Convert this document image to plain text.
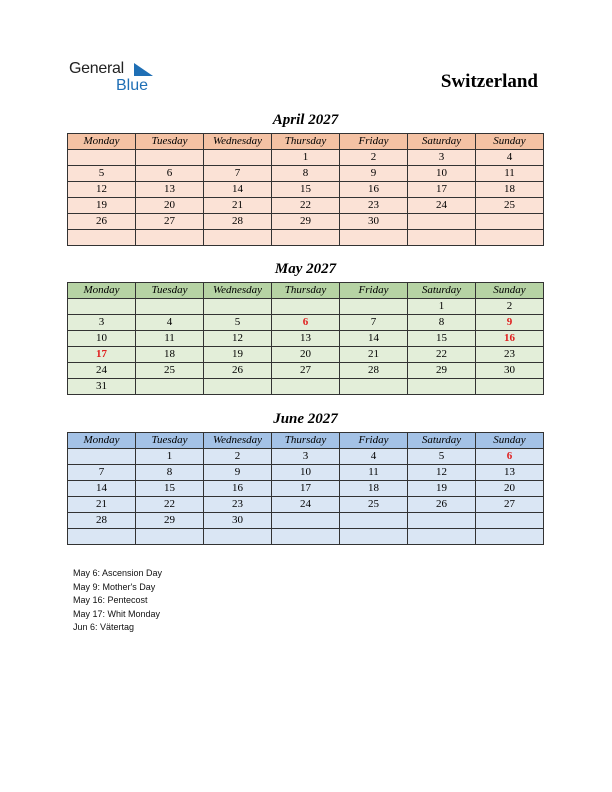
General
Blue	Switzerland
April 2027
Monday	Tuesday	Wednesday	Thursday	Friday	Saturday	Sunday
			1	2	3	4
5	6	7	8	9	10	11
12	13	14	15	16	17	18
19	20	21	22	23	24	25
26	27	28	29	30		

May 2027
Monday	Tuesday	Wednesday	Thursday	Friday	Saturday	Sunday
					1	2
3	4	5	6	7	8	9
10	11	12	13	14	15	16
17	18	19	20	21	22	23
24	25	26	27	28	29	30
31						
June 2027
Monday	Tuesday	Wednesday	Thursday	Friday	Saturday	Sunday
	1	2	3	4	5	6
7	8	9	10	11	12	13
14	15	16	17	18	19	20
21	22	23	24	25	26	27
28	29	30				

May 6: Ascension Day
May 9: Mother's Day
May 16: Pentecost
May 17: Whit Monday
Jun 6: Vätertag
